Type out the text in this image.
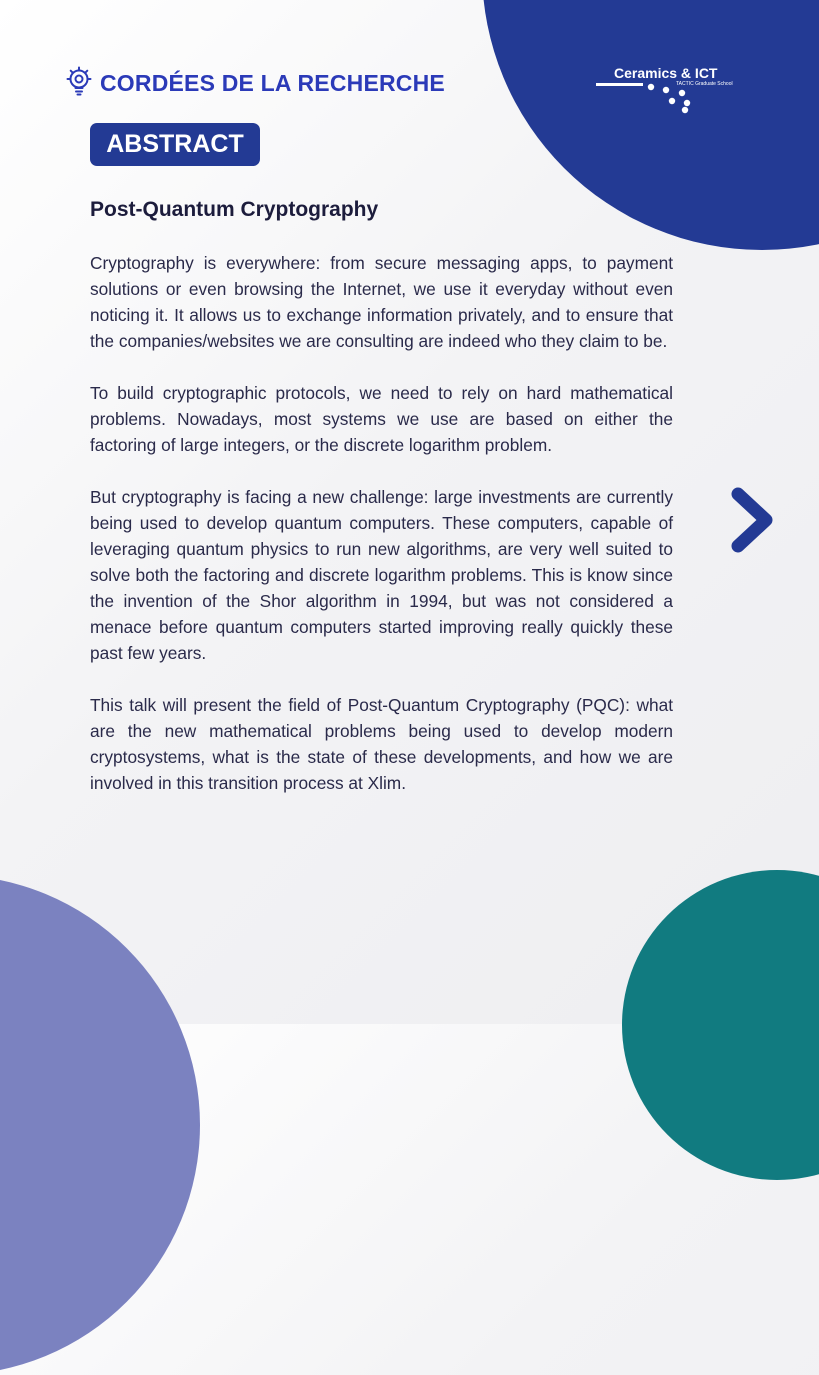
CORDÉES DE LA RECHERCHE	Ceramics & ICT
TACTIC Graduate School
ABSTRACT
Post-Quantum Cryptography

Cryptography is everywhere: from secure messaging apps, to payment solutions or even browsing the Internet, we use it everyday without even noticing it. It allows us to exchange information privately, and to ensure that the companies/websites we are consulting are indeed who they claim to be.

To build cryptographic protocols, we need to rely on hard mathematical problems. Nowadays, most systems we use are based on either the factoring of large integers, or the discrete logarithm problem.

But cryptography is facing a new challenge: large investments are currently being used to develop quantum computers. These computers, capable of leveraging quantum physics to run new algorithms, are very well suited to solve both the factoring and discrete logarithm problems. This is know since the invention of the Shor algorithm in 1994, but was not considered a menace before quantum computers started improving really quickly these past few years.

This talk will present the field of Post-Quantum Cryptography (PQC): what are the new mathematical problems being used to develop modern cryptosystems, what is the state of these developments, and how we are involved in this transition process at Xlim.
